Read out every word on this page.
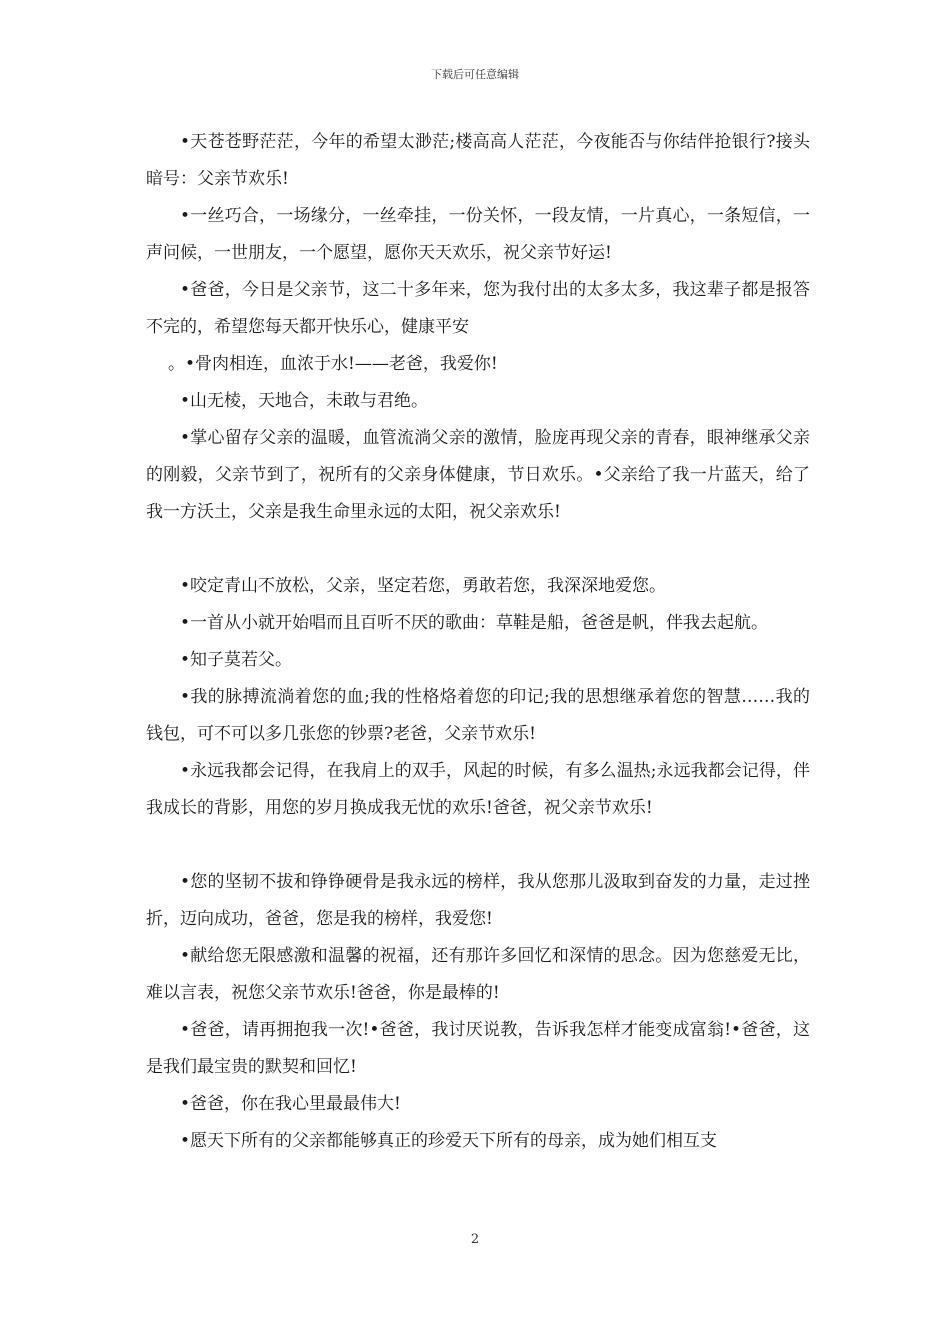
下载后可任意编辑

•天苍苍野茫茫，今年的希望太渺茫;楼高高人茫茫，今夜能否与你结伴抢银行?接头暗号：父亲节欢乐!

•一丝巧合，一场缘分，一丝牵挂，一份关怀，一段友情，一片真心，一条短信，一声问候，一世朋友，一个愿望，愿你天天欢乐，祝父亲节好运!

•爸爸，今日是父亲节，这二十多年来，您为我付出的太多太多，我这辈子都是报答不完的，希望您每天都开快乐心，健康平安

。•骨肉相连，血浓于水!——老爸，我爱你!

•山无棱，天地合，未敢与君绝。

•掌心留存父亲的温暖，血管流淌父亲的激情，脸庞再现父亲的青春，眼神继承父亲的刚毅，父亲节到了，祝所有的父亲身体健康，节日欢乐。•父亲给了我一片蓝天，给了我一方沃土，父亲是我生命里永远的太阳，祝父亲欢乐!

•咬定青山不放松，父亲，坚定若您，勇敢若您，我深深地爱您。

•一首从小就开始唱而且百听不厌的歌曲：草鞋是船，爸爸是帆，伴我去起航。

•知子莫若父。

•我的脉搏流淌着您的血;我的性格烙着您的印记;我的思想继承着您的智慧……我的钱包，可不可以多几张您的钞票?老爸，父亲节欢乐!

•永远我都会记得，在我肩上的双手，风起的时候，有多么温热;永远我都会记得，伴我成长的背影，用您的岁月换成我无忧的欢乐!爸爸，祝父亲节欢乐!

•您的坚韧不拔和铮铮硬骨是我永远的榜样，我从您那儿汲取到奋发的力量，走过挫折，迈向成功，爸爸，您是我的榜样，我爱您!

•献给您无限感激和温馨的祝福，还有那许多回忆和深情的思念。因为您慈爱无比，难以言表，祝您父亲节欢乐!爸爸，你是最棒的!

•爸爸，请再拥抱我一次!•爸爸，我讨厌说教，告诉我怎样才能变成富翁!•爸爸，这是我们最宝贵的默契和回忆!

•爸爸，你在我心里最最伟大!

•愿天下所有的父亲都能够真正的珍爱天下所有的母亲，成为她们相互支

2
